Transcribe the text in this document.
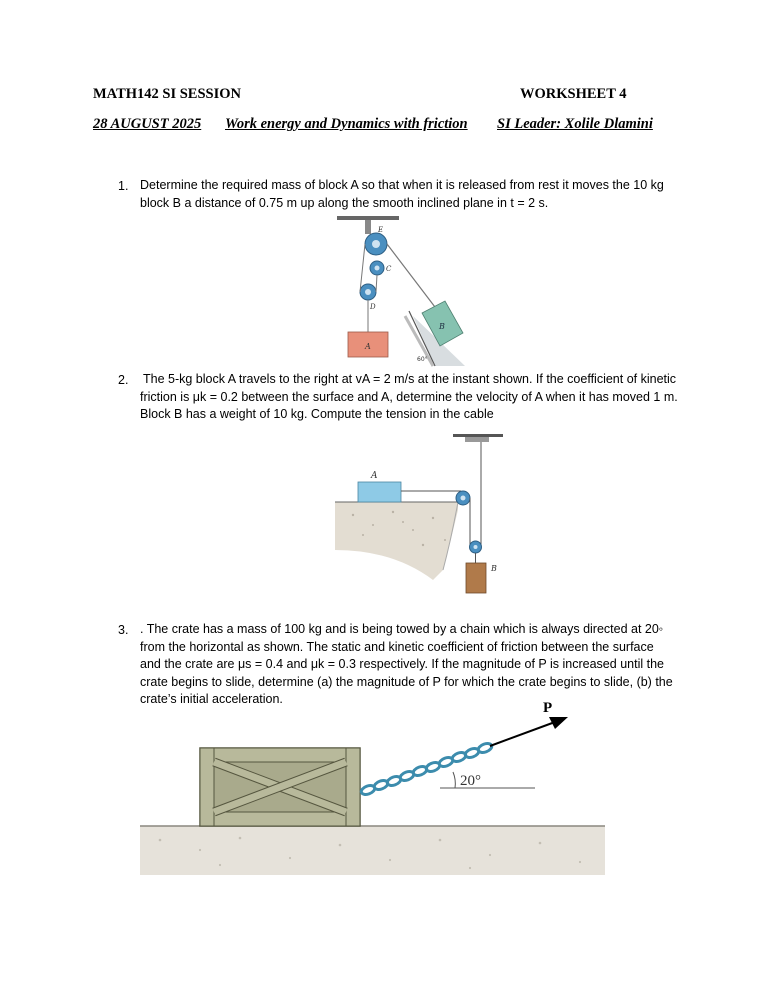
MATH142 SI SESSION	WORKSHEET 4
28 AUGUST 2025 Work energy and Dynamics with friction SI Leader: Xolile Dlamini
1. Determine the required mass of block A so that when it is released from rest it moves the 10 kg block B a distance of 0.75 m up along the smooth inclined plane in t = 2 s.
A
B
E
C
D
60°
2. The 5-kg block A travels to the right at vA = 2 m/s at the instant shown. If the coefficient of kinetic friction is μk = 0.2 between the surface and A, determine the velocity of A when it has moved 1 m. Block B has a weight of 10 kg. Compute the tension in the cable
A
B
3. . The crate has a mass of 100 kg and is being towed by a chain which is always directed at 20◦ from the horizontal as shown. The static and kinetic coefficient of friction between the surface and the crate are μs = 0.4 and μk = 0.3 respectively. If the magnitude of P is increased until the crate begins to slide, determine (a) the magnitude of P for which the crate begins to slide, (b) the crate’s initial acceleration.
P
20°
